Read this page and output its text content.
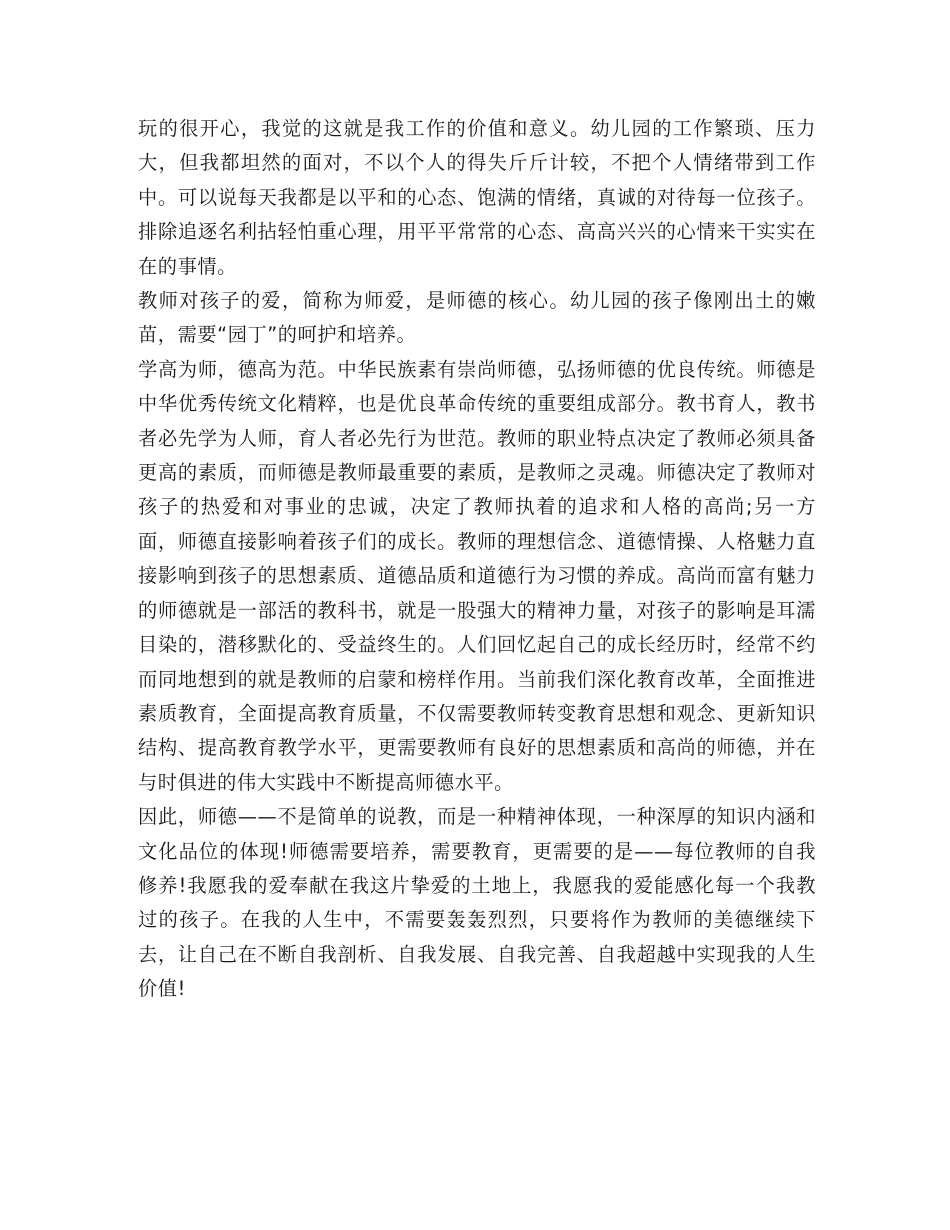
玩的很开心，我觉的这就是我工作的价值和意义。幼儿园的工作繁琐、压力大，但我都坦然的面对，不以个人的得失斤斤计较，不把个人情绪带到工作中。可以说每天我都是以平和的心态、饱满的情绪，真诚的对待每一位孩子。排除追逐名利拈轻怕重心理，用平平常常的心态、高高兴兴的心情来干实实在在的事情。

教师对孩子的爱，简称为师爱，是师德的核心。幼儿园的孩子像刚出土的嫩苗，需要“园丁”的呵护和培养。

学高为师，德高为范。中华民族素有崇尚师德，弘扬师德的优良传统。师德是中华优秀传统文化精粹，也是优良革命传统的重要组成部分。教书育人，教书者必先学为人师，育人者必先行为世范。教师的职业特点决定了教师必须具备更高的素质，而师德是教师最重要的素质，是教师之灵魂。师德决定了教师对孩子的热爱和对事业的忠诚，决定了教师执着的追求和人格的高尚;另一方面，师德直接影响着孩子们的成长。教师的理想信念、道德情操、人格魅力直接影响到孩子的思想素质、道德品质和道德行为习惯的养成。高尚而富有魅力的师德就是一部活的教科书，就是一股强大的精神力量，对孩子的影响是耳濡目染的，潜移默化的、受益终生的。人们回忆起自己的成长经历时，经常不约而同地想到的就是教师的启蒙和榜样作用。当前我们深化教育改革，全面推进素质教育，全面提高教育质量，不仅需要教师转变教育思想和观念、更新知识结构、提高教育教学水平，更需要教师有良好的思想素质和高尚的师德，并在与时俱进的伟大实践中不断提高师德水平。

因此，师德——不是简单的说教，而是一种精神体现，一种深厚的知识内涵和文化品位的体现!师德需要培养，需要教育，更需要的是——每位教师的自我修养!我愿我的爱奉献在我这片挚爱的土地上，我愿我的爱能感化每一个我教过的孩子。在我的人生中，不需要轰轰烈烈，只要将作为教师的美德继续下去，让自己在不断自我剖析、自我发展、自我完善、自我超越中实现我的人生价值!
